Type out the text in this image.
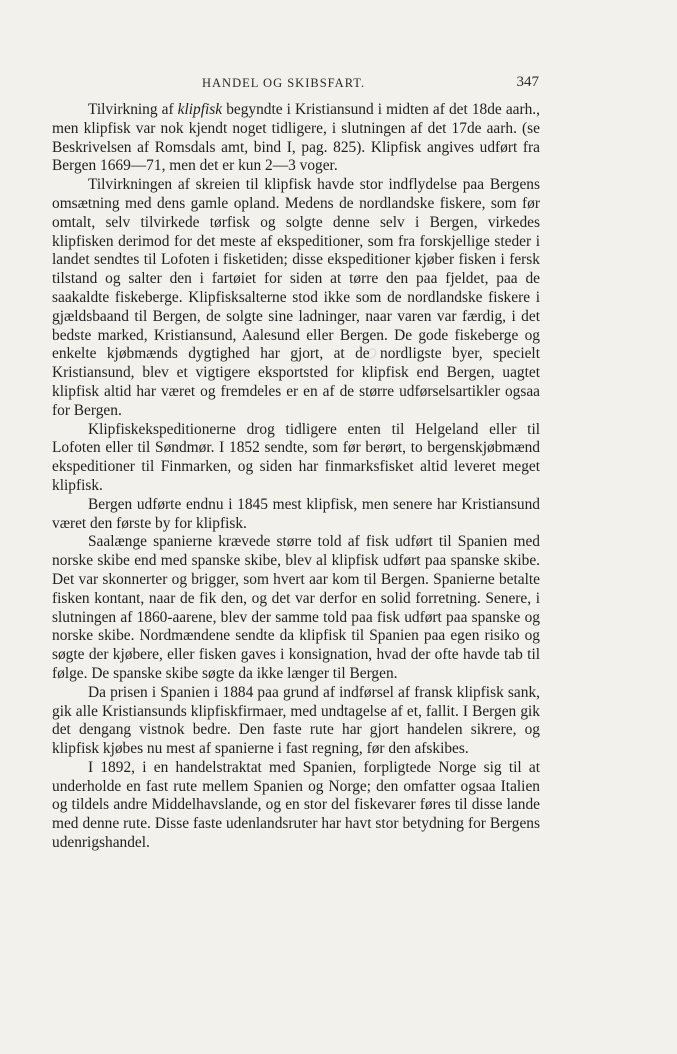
HANDEL OG SKIBSFART.	347

Tilvirkning af klipfisk begyndte i Kristiansund i midten af det 18de aarh., men klipfisk var nok kjendt noget tidligere, i slutningen af det 17de aarh. (se Beskrivelsen af Romsdals amt, bind I, pag. 825). Klipfisk angives udført fra Bergen 1669—71, men det er kun 2—3 voger.

Tilvirkningen af skreien til klipfisk havde stor indflydelse paa Bergens omsætning med dens gamle opland. Medens de nordlandske fiskere, som før omtalt, selv tilvirkede tørfisk og solgte denne selv i Bergen, virkedes klipfisken derimod for det meste af ekspeditioner, som fra forskjellige steder i landet sendtes til Lofoten i fisketiden; disse ekspeditioner kjøber fisken i fersk tilstand og salter den i fartøiet for siden at tørre den paa fjeldet, paa de saakaldte fiskeberge. Klipfisksalterne stod ikke som de nordlandske fiskere i gjældsbaand til Bergen, de solgte sine ladninger, naar varen var færdig, i det bedste marked, Kristiansund, Aalesund eller Bergen. De gode fiskeberge og enkelte kjøbmænds dygtighed har gjort, at de nordligste byer, specielt Kristiansund, blev et vigtigere eksportsted for klipfisk end Bergen, uagtet klipfisk altid har været og fremdeles er en af de større udførselsartikler ogsaa for Bergen.

Klipfiskekspeditionerne drog tidligere enten til Helgeland eller til Lofoten eller til Søndmør. I 1852 sendte, som før berørt, to bergenskjøbmænd ekspeditioner til Finmarken, og siden har finmarksfisket altid leveret meget klipfisk.

Bergen udførte endnu i 1845 mest klipfisk, men senere har Kristiansund været den første by for klipfisk.

Saalænge spanierne krævede større told af fisk udført til Spanien med norske skibe end med spanske skibe, blev al klipfisk udført paa spanske skibe. Det var skonnerter og brigger, som hvert aar kom til Bergen. Spanierne betalte fisken kontant, naar de fik den, og det var derfor en solid forretning. Senere, i slutningen af 1860-aarene, blev der samme told paa fisk udført paa spanske og norske skibe. Nordmændene sendte da klipfisk til Spanien paa egen risiko og søgte der kjøbere, eller fisken gaves i konsignation, hvad der ofte havde tab til følge. De spanske skibe søgte da ikke længer til Bergen.

Da prisen i Spanien i 1884 paa grund af indførsel af fransk klipfisk sank, gik alle Kristiansunds klipfiskfirmaer, med undtagelse af et, fallit. I Bergen gik det dengang vistnok bedre. Den faste rute har gjort handelen sikrere, og klipfisk kjøbes nu mest af spanierne i fast regning, før den afskibes.

I 1892, i en handelstraktat med Spanien, forpligtede Norge sig til at underholde en fast rute mellem Spanien og Norge; den omfatter ogsaa Italien og tildels andre Middelhavslande, og en stor del fiskevarer føres til disse lande med denne rute. Disse faste udenlandsruter har havt stor betydning for Bergens udenrigshandel.
